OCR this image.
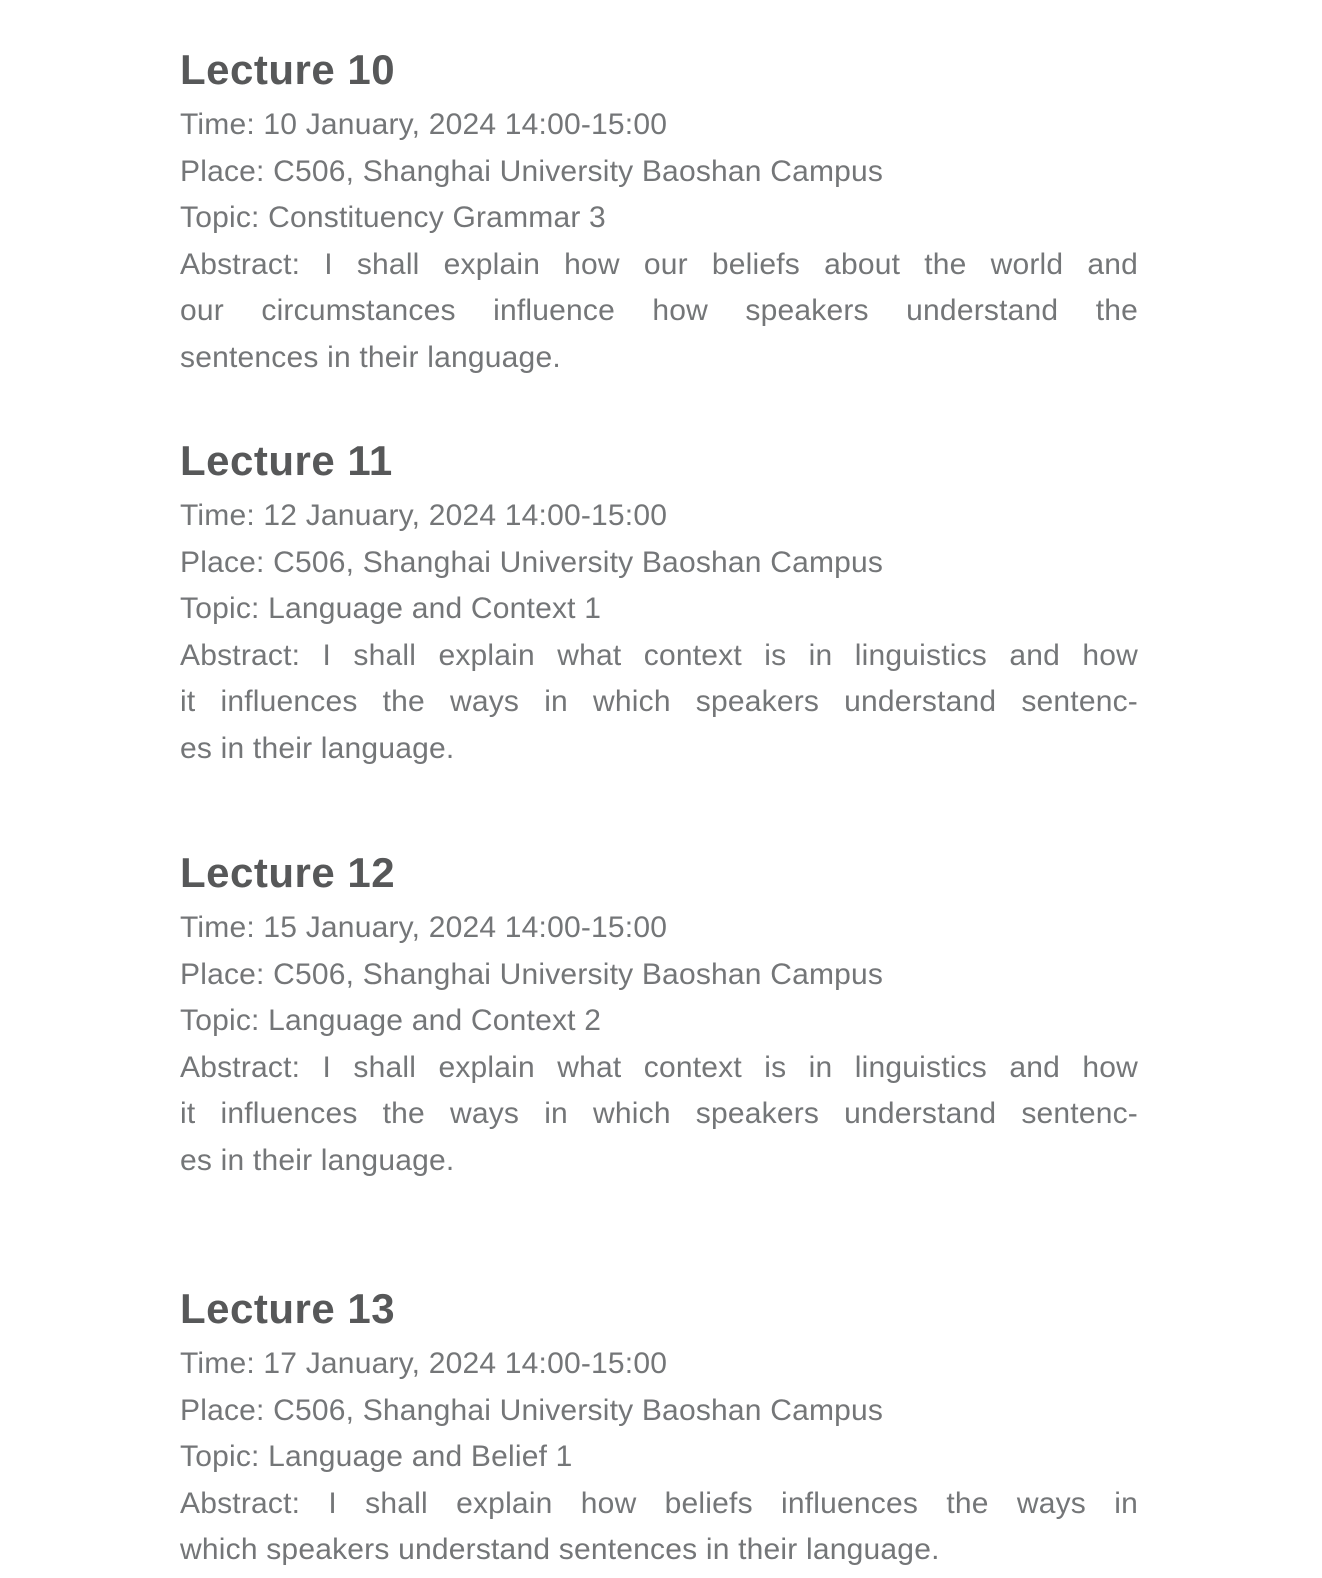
Lecture 10
Time: 10 January, 2024 14:00-15:00
Place: C506, Shanghai University Baoshan Campus
Topic: Constituency Grammar 3
Abstract: I shall explain how our beliefs about the world and
our circumstances influence how speakers understand the
sentences in their language.
Lecture 11
Time: 12 January, 2024 14:00-15:00
Place: C506, Shanghai University Baoshan Campus
Topic: Language and Context 1
Abstract: I shall explain what context is in linguistics and how
it influences the ways in which speakers understand sentenc-
es in their language.
Lecture 12
Time: 15 January, 2024 14:00-15:00
Place: C506, Shanghai University Baoshan Campus
Topic: Language and Context 2
Abstract: I shall explain what context is in linguistics and how
it influences the ways in which speakers understand sentenc-
es in their language.
Lecture 13
Time: 17 January, 2024 14:00-15:00
Place: C506, Shanghai University Baoshan Campus
Topic: Language and Belief 1
Abstract: I shall explain how beliefs influences the ways in
which speakers understand sentences in their language.
